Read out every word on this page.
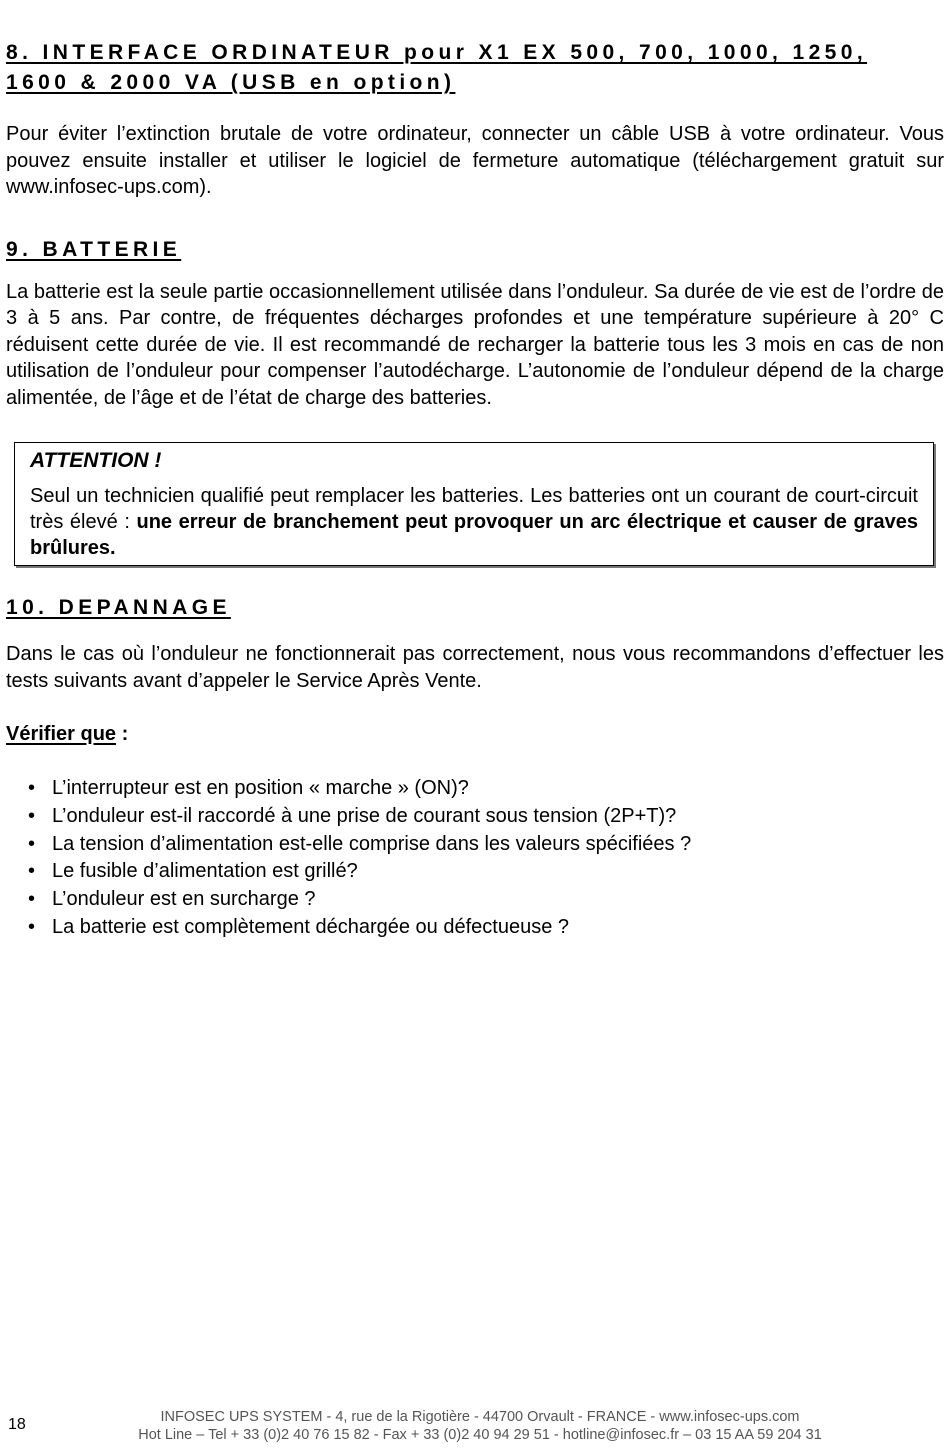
8. INTERFACE ORDINATEUR pour X1 EX 500, 700, 1000, 1250,
1600 & 2000 VA (USB en option)

Pour éviter l’extinction brutale de votre ordinateur, connecter un câble USB à votre ordinateur. Vous pouvez ensuite installer et utiliser le logiciel de fermeture automatique (téléchargement gratuit sur www.infosec-ups.com).

9. BATTERIE

La batterie est la seule partie occasionnellement utilisée dans l’onduleur. Sa durée de vie est de l’ordre de 3 à 5 ans. Par contre, de fréquentes décharges profondes et une température supérieure à 20° C réduisent cette durée de vie. Il est recommandé de recharger la batterie tous les 3 mois en cas de non utilisation de l’onduleur pour compenser l’autodécharge. L’autonomie de l’onduleur dépend de la charge alimentée, de l’âge et de l’état de charge des batteries.

ATTENTION !

Seul un technicien qualifié peut remplacer les batteries. Les batteries ont un courant de court-circuit très élevé : une erreur de branchement peut provoquer un arc électrique et causer de graves brûlures.

10. DEPANNAGE

Dans le cas où l’onduleur ne fonctionnerait pas correctement, nous vous recommandons d’effectuer les tests suivants avant d’appeler le Service Après Vente.

Vérifier que :

• L’interrupteur est en position « marche » (ON)?
• L’onduleur est-il raccordé à une prise de courant sous tension (2P+T)?
• La tension d’alimentation est-elle comprise dans les valeurs spécifiées ?
• Le fusible d’alimentation est grillé?
• L’onduleur est en surcharge ?
• La batterie est complètement déchargée ou défectueuse ?
18	INFOSEC UPS SYSTEM - 4, rue de la Rigotière - 44700 Orvault - FRANCE - www.infosec-ups.com
Hot Line – Tel + 33 (0)2 40 76 15 82 - Fax + 33 (0)2 40 94 29 51 - hotline@infosec.fr – 03 15 AA 59 204 31
